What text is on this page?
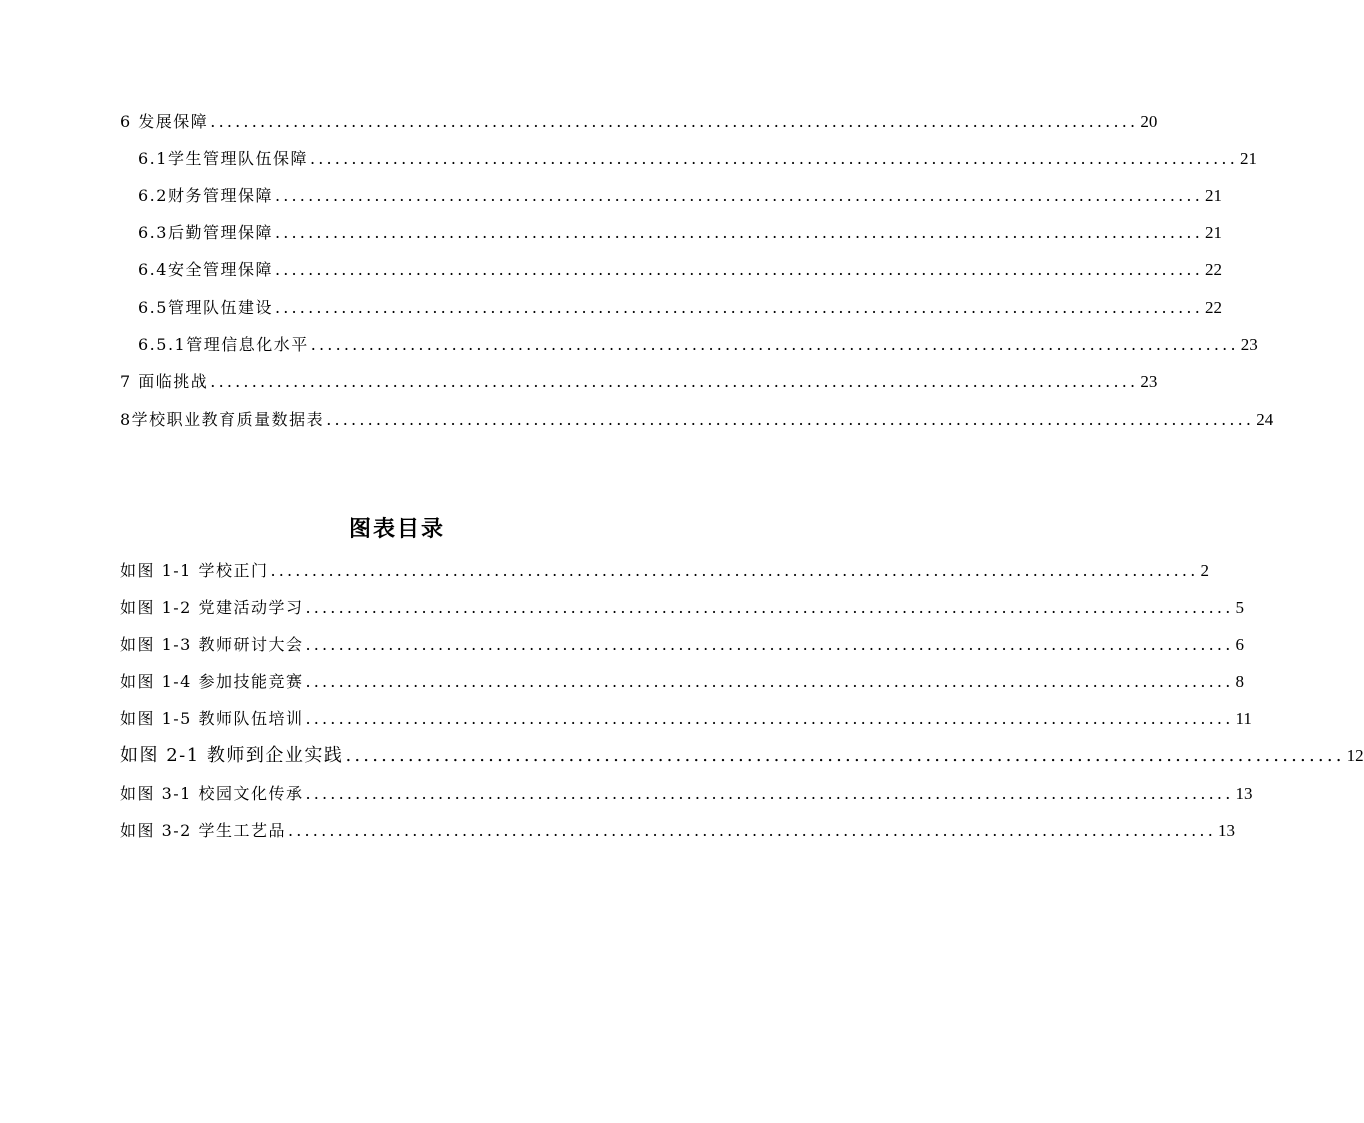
6 发展保障 ................................................................................................................ 20
6.1学生管理队伍保障 ................................................................................................................ 21
6.2财务管理保障 ................................................................................................................ 21
6.3后勤管理保障 ................................................................................................................ 21
6.4安全管理保障 ................................................................................................................ 22
6.5管理队伍建设 ................................................................................................................ 22
6.5.1管理信息化水平 ................................................................................................................ 23
7 面临挑战 ................................................................................................................ 23
8学校职业教育质量数据表 ................................................................................................................ 24
图表目录
如图 1-1 学校正门 ................................................................................................................ 2
如图 1-2 党建活动学习 ................................................................................................................ 5
如图 1-3 教师研讨大会 ................................................................................................................ 6
如图 1-4 参加技能竞赛 ................................................................................................................ 8
如图 1-5 教师队伍培训 ................................................................................................................ 11
如图 2-1 教师到企业实践 ................................................................................................................ 12
如图 3-1 校园文化传承 ................................................................................................................ 13
如图 3-2 学生工艺品 ................................................................................................................ 13
